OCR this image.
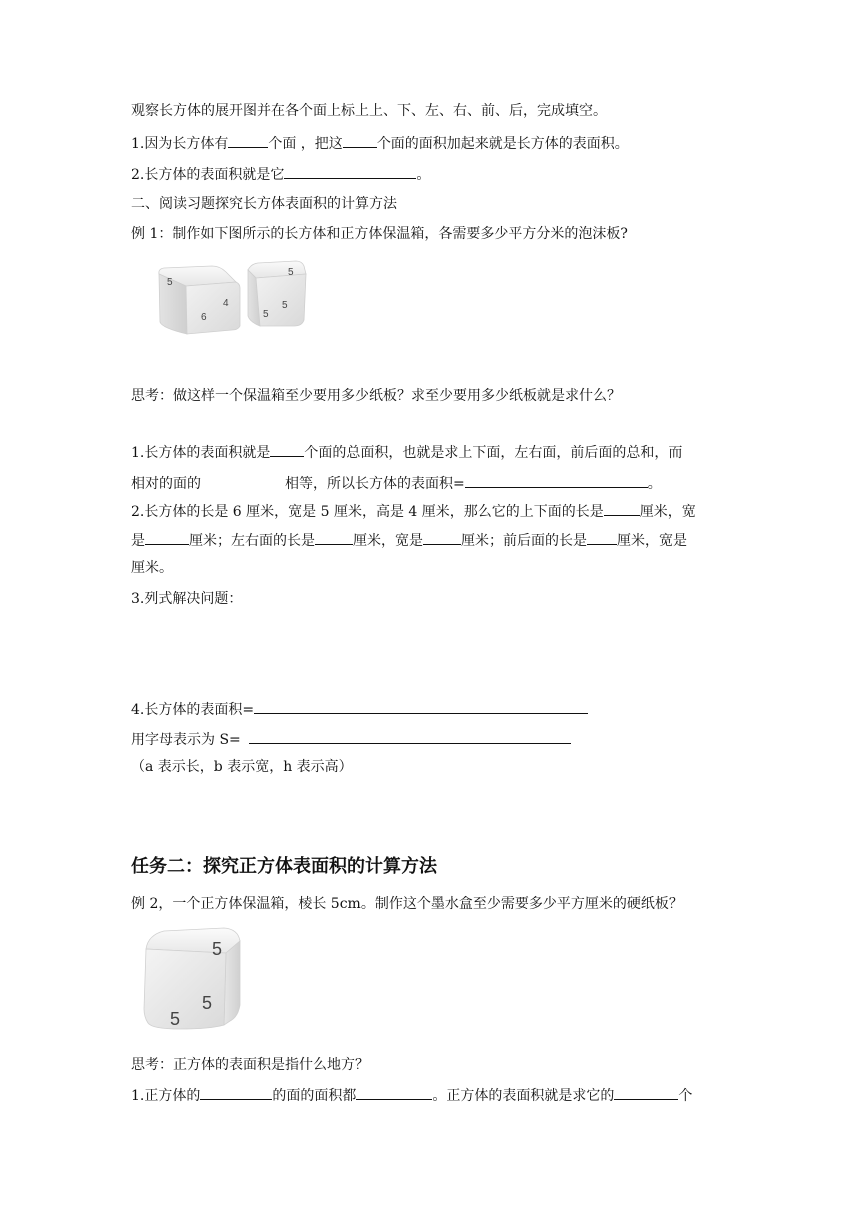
观察长方体的展开图并在各个面上标上上、下、左、右、前、后，完成填空。
1.因为长方体有	个面 ，把这 个面的面积加起来就是长方体的表面积。
2.长方体的表面积就是它	。
二、阅读习题探究长方体表面积的计算方法
例 1：制作如下图所示的长方体和正方体保温箱，各需要多少平方分米的泡沫板?
5
4
6
5
5
5
思考：做这样一个保温箱至少要用多少纸板？求至少要用多少纸板就是求什么？
1.长方体的表面积就是 个面的总面积，也就是求上下面，左右面，前后面的总和，而
相对的面的	相等，所以长方体的表面积=	。
2.长方体的长是 6 厘米，宽是 5 厘米，高是 4 厘米，那么它的上下面的长是	厘米，宽
是	厘米；左右面的长是	厘米，宽是	厘米；前后面的长是 厘米，宽是
厘米。
3.列式解决问题：
4.长方体的表面积=
用字母表示为 S=
（a 表示长，b 表示宽，h 表示高）
任务二：探究正方体表面积的计算方法
例 2，一个正方体保温箱，棱长 5cm。制作这个墨水盒至少需要多少平方厘米的硬纸板？
5
5
5
思考：正方体的表面积是指什么地方？
1.正方体的	的面的面积都	。正方体的表面积就是求它的	个
